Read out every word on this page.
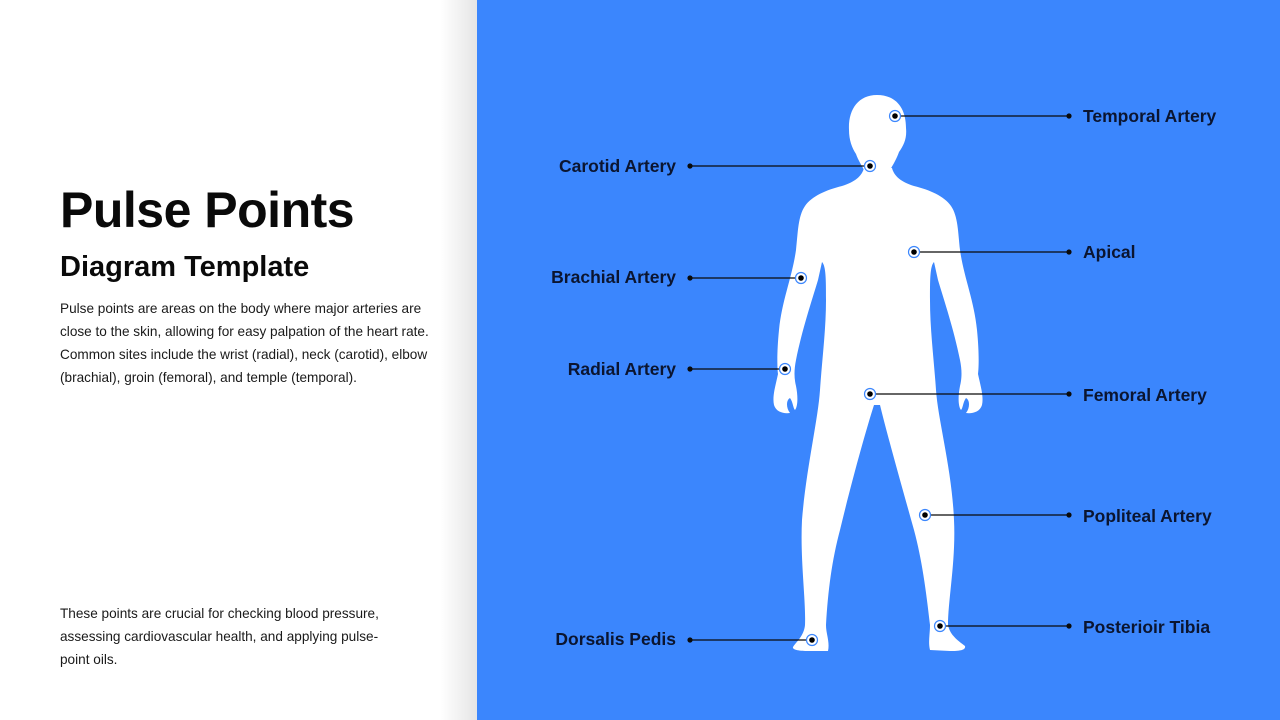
Pulse Points
Diagram Template
Pulse points are areas on the body where major arteries are close to the skin, allowing for easy palpation of the heart rate. Common sites include the wrist (radial), neck (carotid), elbow (brachial), groin (femoral), and temple (temporal).
These points are crucial for checking blood pressure, assessing cardiovascular health, and applying pulse-point oils.
Temporal Artery
Carotid Artery
Apical
Brachial Artery
Radial Artery
Femoral Artery
Popliteal Artery
Posterioir Tibia
Dorsalis Pedis
